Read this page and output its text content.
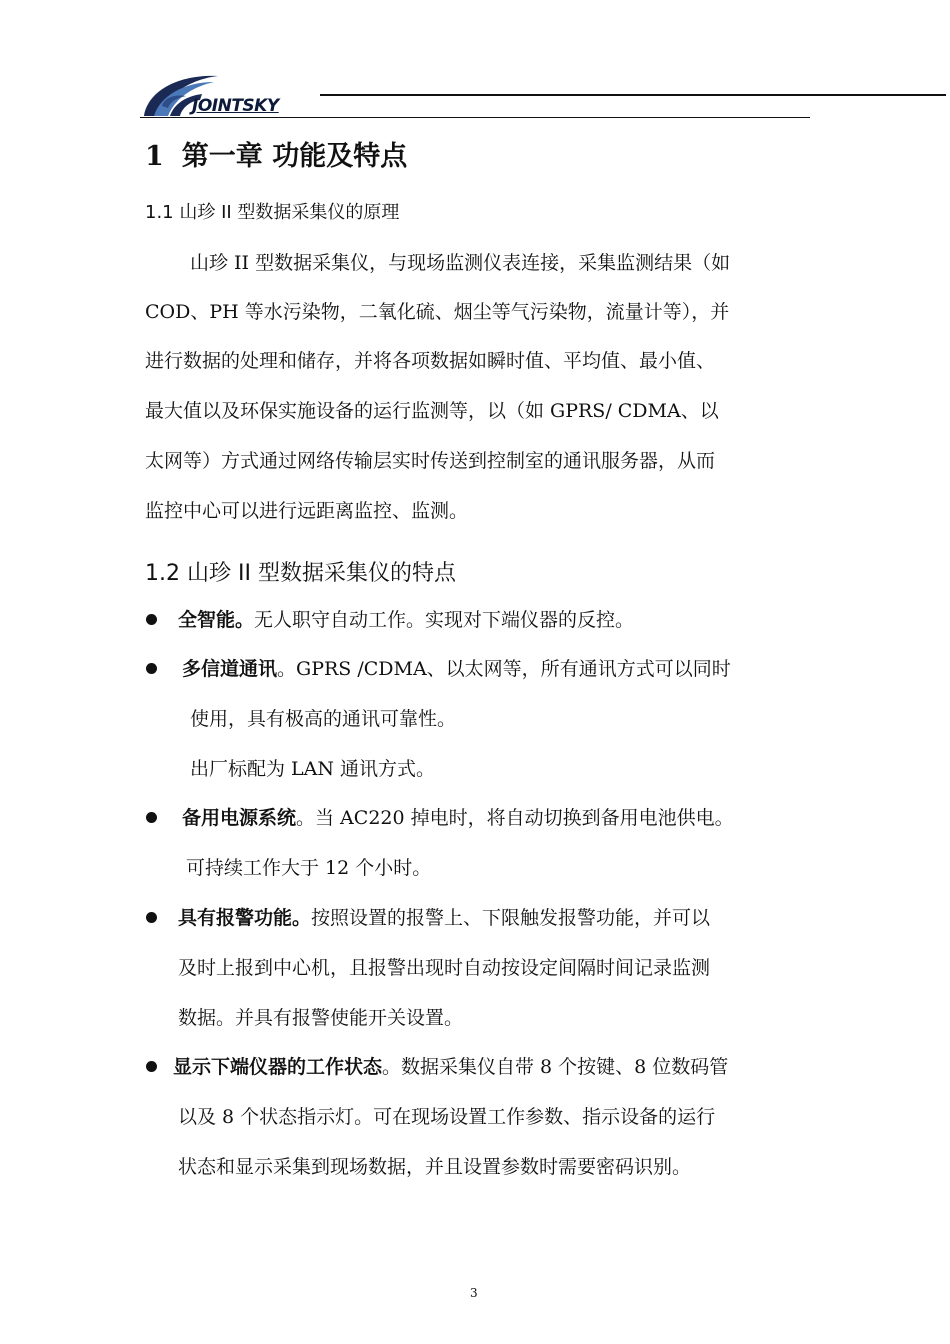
JOINTSKY
1 第一章 功能及特点
1.1 山珍 II 型数据采集仪的原理
山珍 II 型数据采集仪，与现场监测仪表连接，采集监测结果（如
COD、PH 等水污染物，二氧化硫、烟尘等气污染物，流量计等），并
进行数据的处理和储存，并将各项数据如瞬时值、平均值、最小值、
最大值以及环保实施设备的运行监测等，以（如 GPRS/ CDMA、以
太网等）方式通过网络传输层实时传送到控制室的通讯服务器，从而
监控中心可以进行远距离监控、监测。
1.2 山珍 II 型数据采集仪的特点
全智能。无人职守自动工作。实现对下端仪器的反控。
多信道通讯。GPRS /CDMA、以太网等，所有通讯方式可以同时
使用，具有极高的通讯可靠性。
出厂标配为 LAN 通讯方式。
备用电源系统。当 AC220 掉电时，将自动切换到备用电池供电。
可持续工作大于 12 个小时。
具有报警功能。按照设置的报警上、下限触发报警功能，并可以
及时上报到中心机，且报警出现时自动按设定间隔时间记录监测
数据。并具有报警使能开关设置。
显示下端仪器的工作状态。数据采集仪自带 8 个按键、8 位数码管
以及 8 个状态指示灯。可在现场设置工作参数、指示设备的运行
状态和显示采集到现场数据，并且设置参数时需要密码识别。
3
